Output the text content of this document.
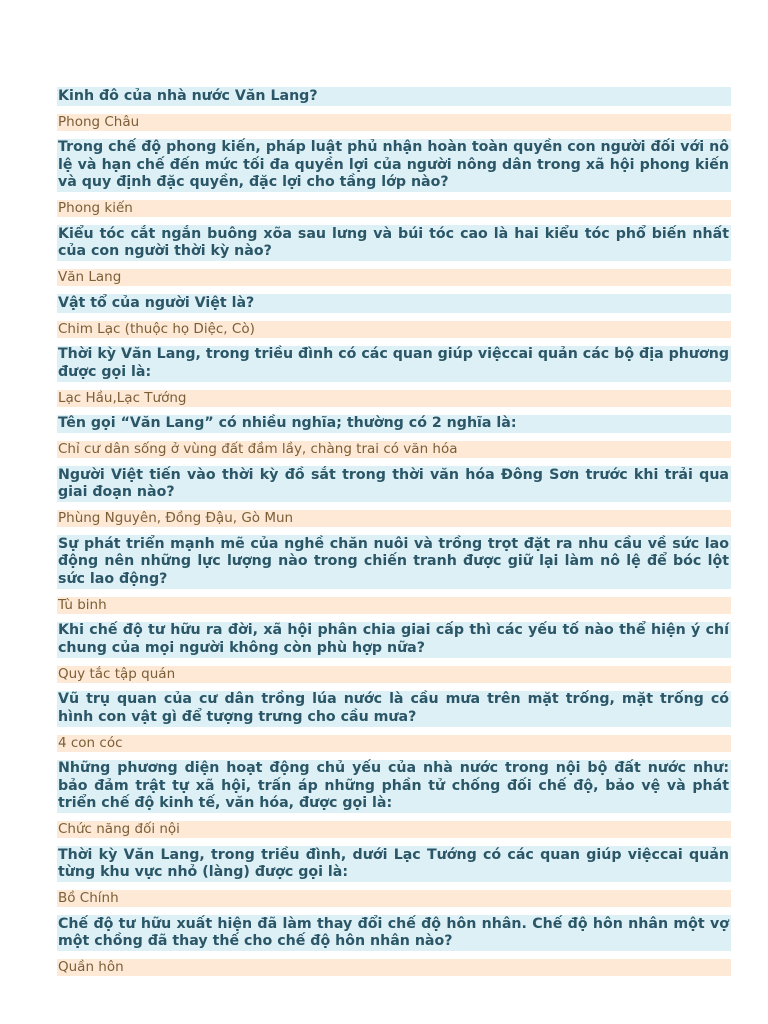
Kinh đô của nhà nước Văn Lang?

Phong Châu

Trong chế độ phong kiến, pháp luật phủ nhận hoàn toàn quyền con người đối với nô lệ và hạn chế đến mức tối đa quyền lợi của người nông dân trong xã hội phong kiến và quy định đặc quyền, đặc lợi cho tầng lớp nào?

Phong kiến

Kiểu tóc cắt ngắn buông xõa sau lưng và búi tóc cao là hai kiểu tóc phổ biến nhất của con người thời kỳ nào?

Văn Lang

Vật tổ của người Việt là?

Chim Lạc (thuộc họ Diệc, Cò)

Thời kỳ Văn Lang, trong triều đình có các quan giúp việccai quản các bộ địa phương được gọi là:

Lạc Hầu,Lạc Tướng

Tên gọi “Văn Lang” có nhiều nghĩa; thường có 2 nghĩa là:

Chỉ cư dân sống ở vùng đất đầm lầy, chàng trai có văn hóa

Người Việt tiến vào thời kỳ đồ sắt trong thời văn hóa Đông Sơn trước khi trải qua giai đoạn nào?

Phùng Nguyên, Đồng Đậu, Gò Mun

Sự phát triển mạnh mẽ của nghề chăn nuôi và trồng trọt đặt ra nhu cầu về sức lao động nên những lực lượng nào trong chiến tranh được giữ lại làm nô lệ để bóc lột sức lao động?

Tù binh

Khi chế độ tư hữu ra đời, xã hội phân chia giai cấp thì các yếu tố nào thể hiện ý chí chung của mọi người không còn phù hợp nữa?

Quy tắc tập quán

Vũ trụ quan của cư dân trồng lúa nước là cầu mưa trên mặt trống, mặt trống có hình con vật gì để tượng trưng cho cầu mưa?

4 con cóc

Những phương diện hoạt động chủ yếu của nhà nước trong nội bộ đất nước như: bảo đảm trật tự xã hội, trấn áp những phần tử chống đối chế độ, bảo vệ và phát triển chế độ kinh tế, văn hóa, được gọi là:

Chức năng đối nội

Thời kỳ Văn Lang, trong triều đình, dưới Lạc Tướng có các quan giúp việccai quản từng khu vực nhỏ (làng) được gọi là:

Bồ Chính

Chế độ tư hữu xuất hiện đã làm thay đổi chế độ hôn nhân. Chế độ hôn nhân một vợ một chồng đã thay thế cho chế độ hôn nhân nào?

Quần hôn
